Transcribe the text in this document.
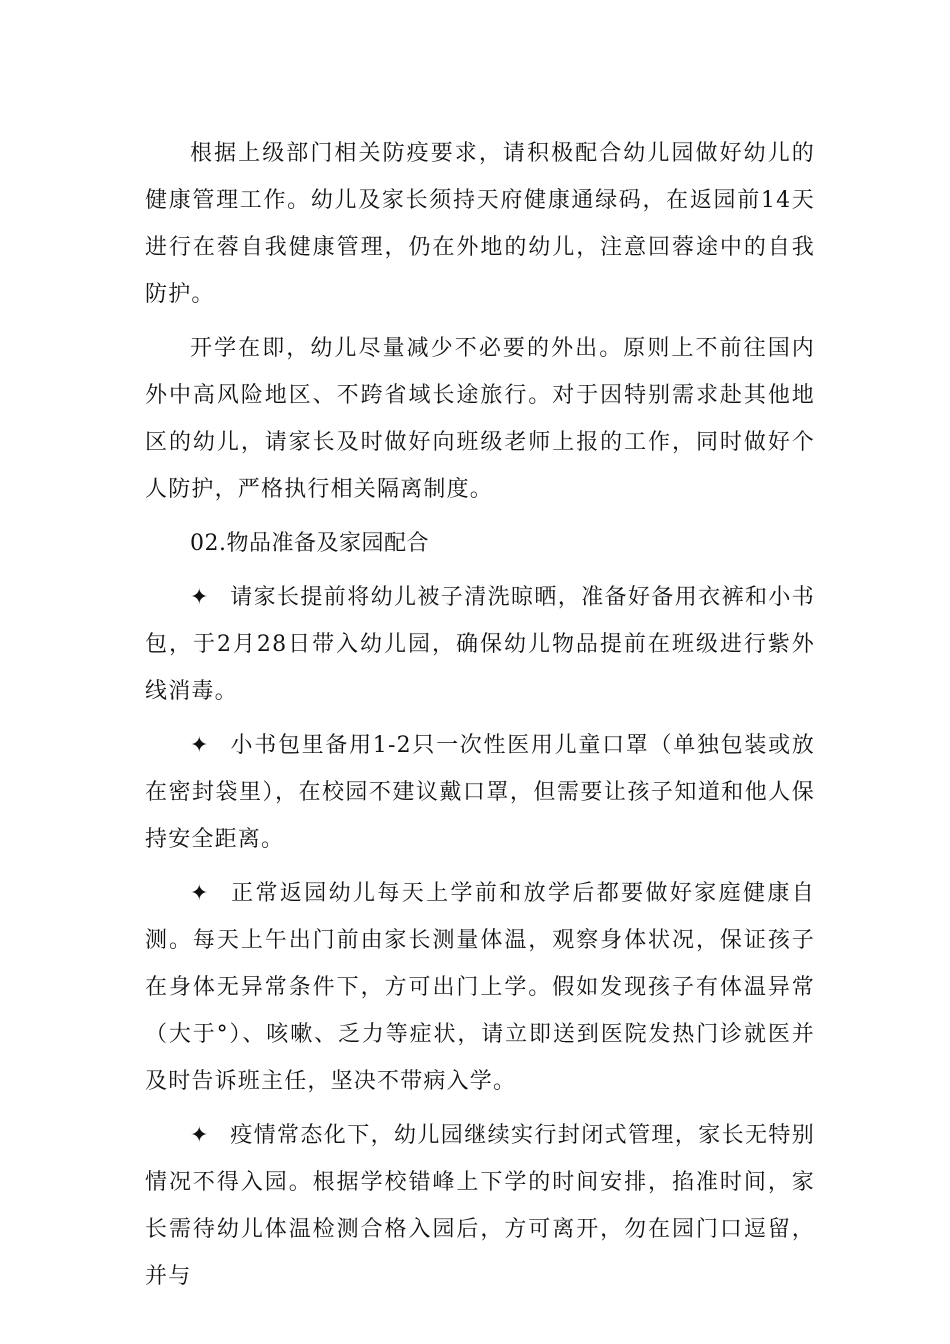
根据上级部门相关防疫要求，请积极配合幼儿园做好幼儿的健康管理工作。幼儿及家长须持天府健康通绿码，在返园前14天进行在蓉自我健康管理，仍在外地的幼儿，注意回蓉途中的自我防护。

开学在即，幼儿尽量减少不必要的外出。原则上不前往国内外中高风险地区、不跨省域长途旅行。对于因特别需求赴其他地区的幼儿，请家长及时做好向班级老师上报的工作，同时做好个人防护，严格执行相关隔离制度。

02.物品准备及家园配合

✦ 请家长提前将幼儿被子清洗晾晒，准备好备用衣裤和小书包，于2月28日带入幼儿园，确保幼儿物品提前在班级进行紫外线消毒。

✦ 小书包里备用1-2只一次性医用儿童口罩（单独包装或放在密封袋里），在校园不建议戴口罩，但需要让孩子知道和他人保持安全距离。

✦ 正常返园幼儿每天上学前和放学后都要做好家庭健康自测。每天上午出门前由家长测量体温，观察身体状况，保证孩子在身体无异常条件下，方可出门上学。假如发现孩子有体温异常（大于°）、咳嗽、乏力等症状，请立即送到医院发热门诊就医并及时告诉班主任，坚决不带病入学。

✦ 疫情常态化下，幼儿园继续实行封闭式管理，家长无特别情况不得入园。根据学校错峰上下学的时间安排，掐准时间，家长需待幼儿体温检测合格入园后，方可离开，勿在园门口逗留，并与
